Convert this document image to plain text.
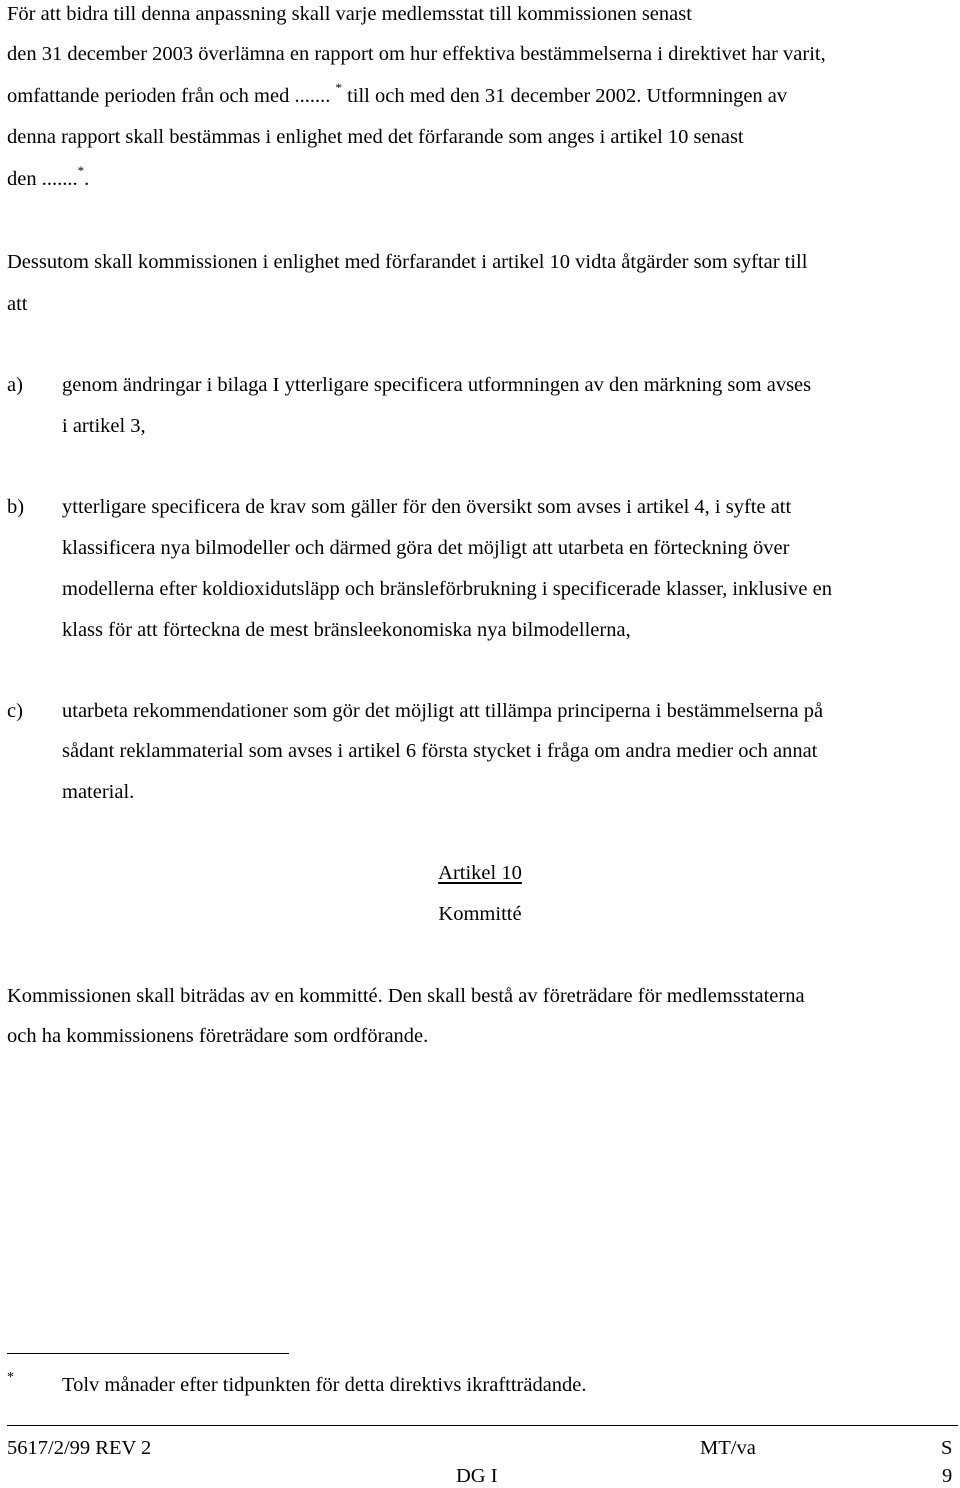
För att bidra till denna anpassning skall varje medlemsstat till kommissionen senast
den 31 december 2003 överlämna en rapport om hur effektiva bestämmelserna i direktivet har varit,
omfattande perioden från och med ....... * till och med den 31 december 2002. Utformningen av
denna rapport skall bestämmas i enlighet med det förfarande som anges i artikel 10 senast
den .......*.
Dessutom skall kommissionen i enlighet med förfarandet i artikel 10 vidta åtgärder som syftar till
att
a) genom ändringar i bilaga I ytterligare specificera utformningen av den märkning som avses
i artikel 3,
b) ytterligare specificera de krav som gäller för den översikt som avses i artikel 4, i syfte att
klassificera nya bilmodeller och därmed göra det möjligt att utarbeta en förteckning över
modellerna efter koldioxidutsläpp och bränsleförbrukning i specificerade klasser, inklusive en
klass för att förteckna de mest bränsleekonomiska nya bilmodellerna,
c) utarbeta rekommendationer som gör det möjligt att tillämpa principerna i bestämmelserna på
sådant reklammaterial som avses i artikel 6 första stycket i fråga om andra medier och annat
material.
Artikel 10
Kommitté
Kommissionen skall biträdas av en kommitté. Den skall bestå av företrädare för medlemsstaterna
och ha kommissionens företrädare som ordförande.
* Tolv månader efter tidpunkten för detta direktivs ikraftträdande.
5617/2/99 REV 2	MT/va	S
DG I	9
